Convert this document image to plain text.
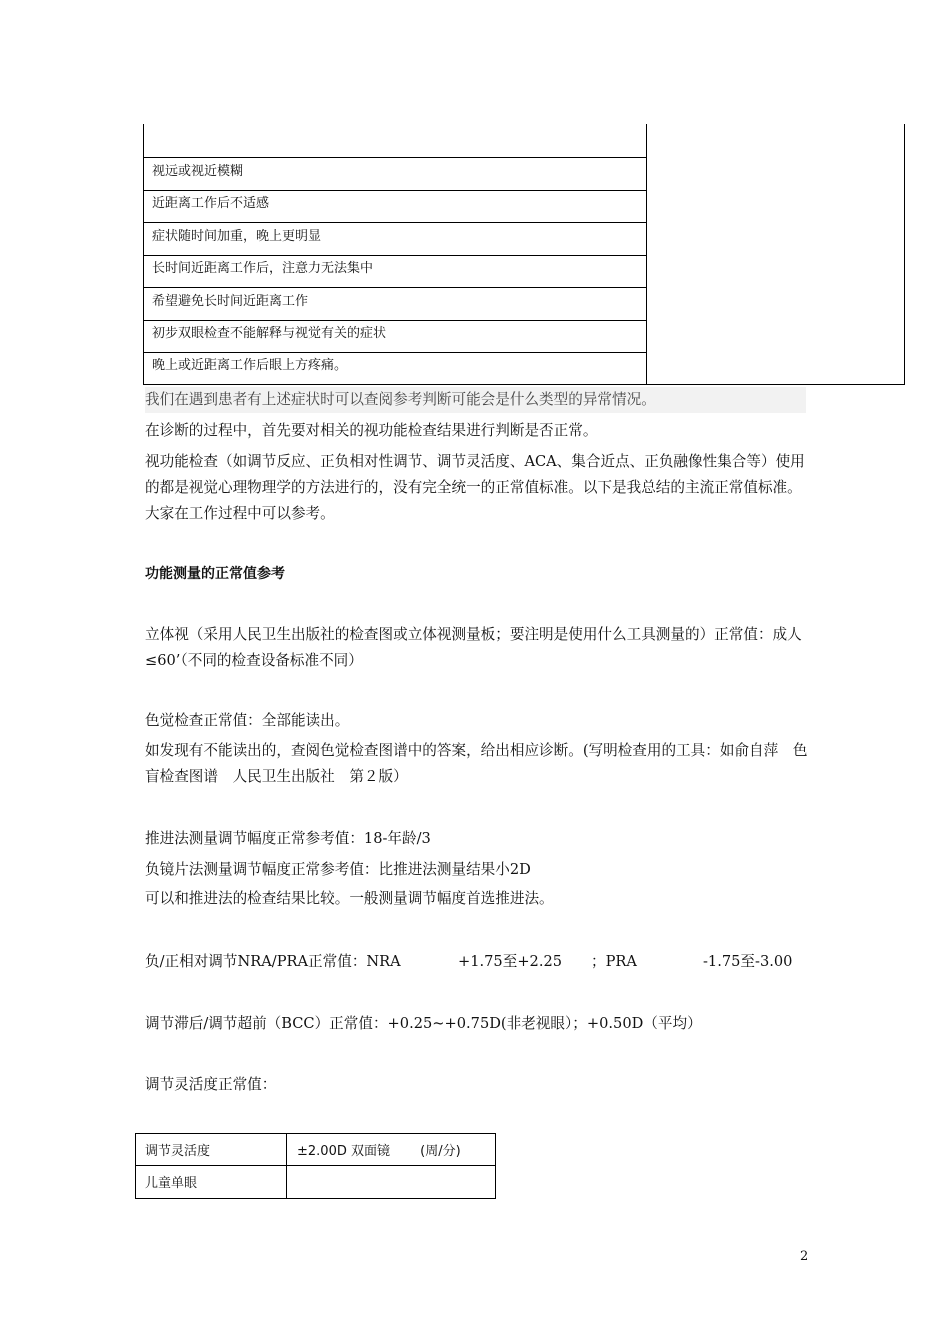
视远或视近模糊
近距离工作后不适感
症状随时间加重，晚上更明显
长时间近距离工作后，注意力无法集中
希望避免长时间近距离工作
初步双眼检查不能解释与视觉有关的症状
晚上或近距离工作后眼上方疼痛。
我们在遇到患者有上述症状时可以查阅参考判断可能会是什么类型的异常情况。
在诊断的过程中，首先要对相关的视功能检查结果进行判断是否正常。
视功能检查（如调节反应、正负相对性调节、调节灵活度、ACA、集合近点、正负融像性集合等）使用的都是视觉心理物理学的方法进行的，没有完全统一的正常值标准。以下是我总结的主流正常值标准。大家在工作过程中可以参考。
功能测量的正常值参考
立体视（采用人民卫生出版社的检查图或立体视测量板；要注明是使用什么工具测量的）正常值：成人≤60’（不同的检查设备标准不同）
色觉检查正常值：全部能读出。
如发现有不能读出的，查阅色觉检查图谱中的答案，给出相应诊断。(写明检查用的工具：如俞自萍　色盲检查图谱　人民卫生出版社　第２版）
推进法测量调节幅度正常参考值：18-年龄/3
负镜片法测量调节幅度正常参考值：比推进法测量结果小2D
可以和推进法的检查结果比较。一般测量调节幅度首选推进法。
负/正相对调节NRA/PRA正常值：NRA	+1.75至+2.25 ；PRA	-1.75至-3.00
调节滞后/调节超前（BCC）正常值：+0.25~+0.75D(非老视眼）；+0.50D（平均）
调节灵活度正常值：
调节灵活度	±2.00D 双面镜 (周/分)
儿童单眼
2
